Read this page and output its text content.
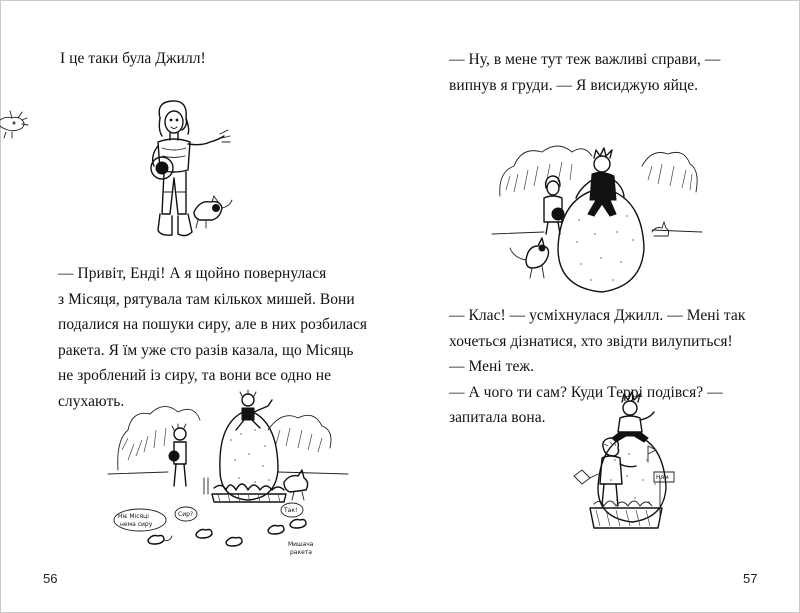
І це таки була Джилл!

— Привіт, Енді! А я щойно повернулася

з Місяця, рятувала там кількох мишей. Вони

подалися на пошуки сиру, але в них розбилася

ракета. Я їм уже сто разів казала, що Місяць

не зроблений із сиру, та вони все одно не

слухають.

Ніє Місяці
нема сиру
Сир?
Так!
Мишача
ракета
56

— Ну, в мене тут теж важливі справи, —

випнув я груди. — Я висиджую яйце.

— Клас! — усміхнулася Джилл. — Мені так

хочеться дізнатися, хто звідти вилупиться!

— Мені теж.

— А чого ти сам? Куди Террі подівся? —

запитала вона.

Ням
57
